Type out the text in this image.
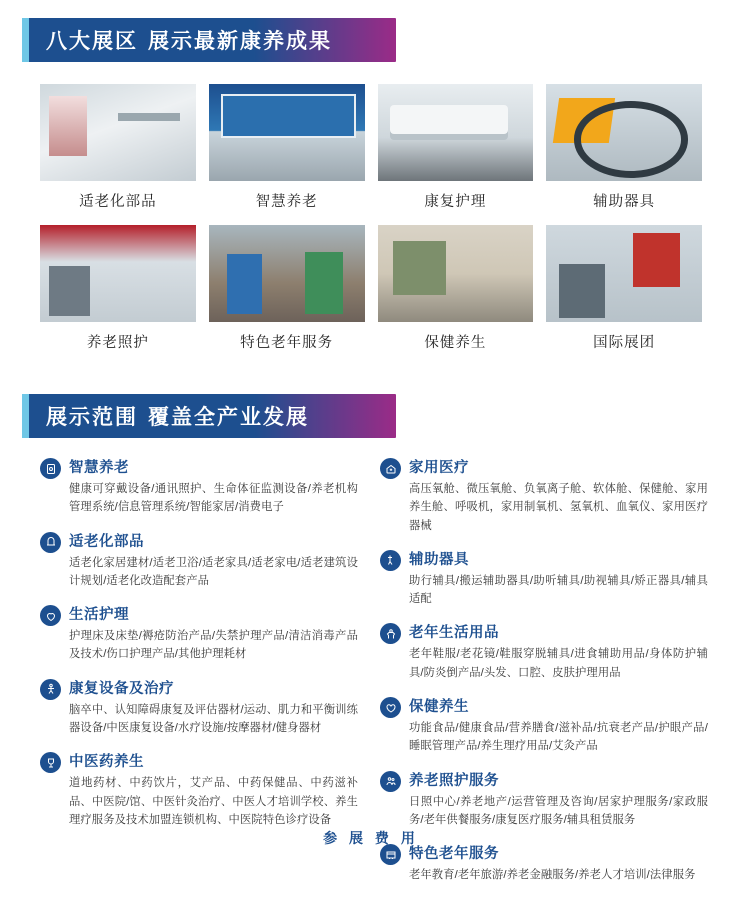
八大展区 展示最新康养成果
适老化部品	智慧养老	康复护理	辅助器具
养老照护	特色老年服务	保健养生	国际展团
展示范围 覆盖全产业发展
智慧养老
健康可穿戴设备/通讯照护、生命体征监测设备/养老机构管理系统/信息管理系统/智能家居/消费电子
适老化部品
适老化家居建材/适老卫浴/适老家具/适老家电/适老建筑设计规划/适老化改造配套产品
生活护理
护理床及床垫/褥疮防治产品/失禁护理产品/清洁消毒产品及技术/伤口护理产品/其他护理耗材
康复设备及治疗
脑卒中、认知障碍康复及评估器材/运动、肌力和平衡训练器设备/中医康复设备/水疗设施/按摩器材/健身器材
中医药养生
道地药材、中药饮片，艾产品、中药保健品、中药滋补品、中医院/馆、中医针灸治疗、中医人才培训学校、养生理疗服务及技术加盟连锁机构、中医院特色诊疗设备
家用医疗
高压氧舱、微压氧舱、负氧离子舱、软体舱、保健舱、家用养生舱、呼吸机，家用制氧机、氢氧机、血氧仪、家用医疗器械
辅助器具
助行辅具/搬运辅助器具/助听辅具/助视辅具/矫正器具/辅具适配
老年生活用品
老年鞋服/老花镜/鞋服穿脱辅具/进食辅助用品/身体防护辅具/防炎倒产品/头发、口腔、皮肤护理用品
保健养生
功能食品/健康食品/营养膳食/滋补品/抗衰老产品/护眼产品/睡眠管理产品/养生理疗用品/艾灸产品
养老照护服务
日照中心/养老地产/运营管理及咨询/居家护理服务/家政服务/老年供餐服务/康复医疗服务/辅具租赁服务
特色老年服务
老年教育/老年旅游/养老金融服务/养老人才培训/法律服务
参 展 费 用
